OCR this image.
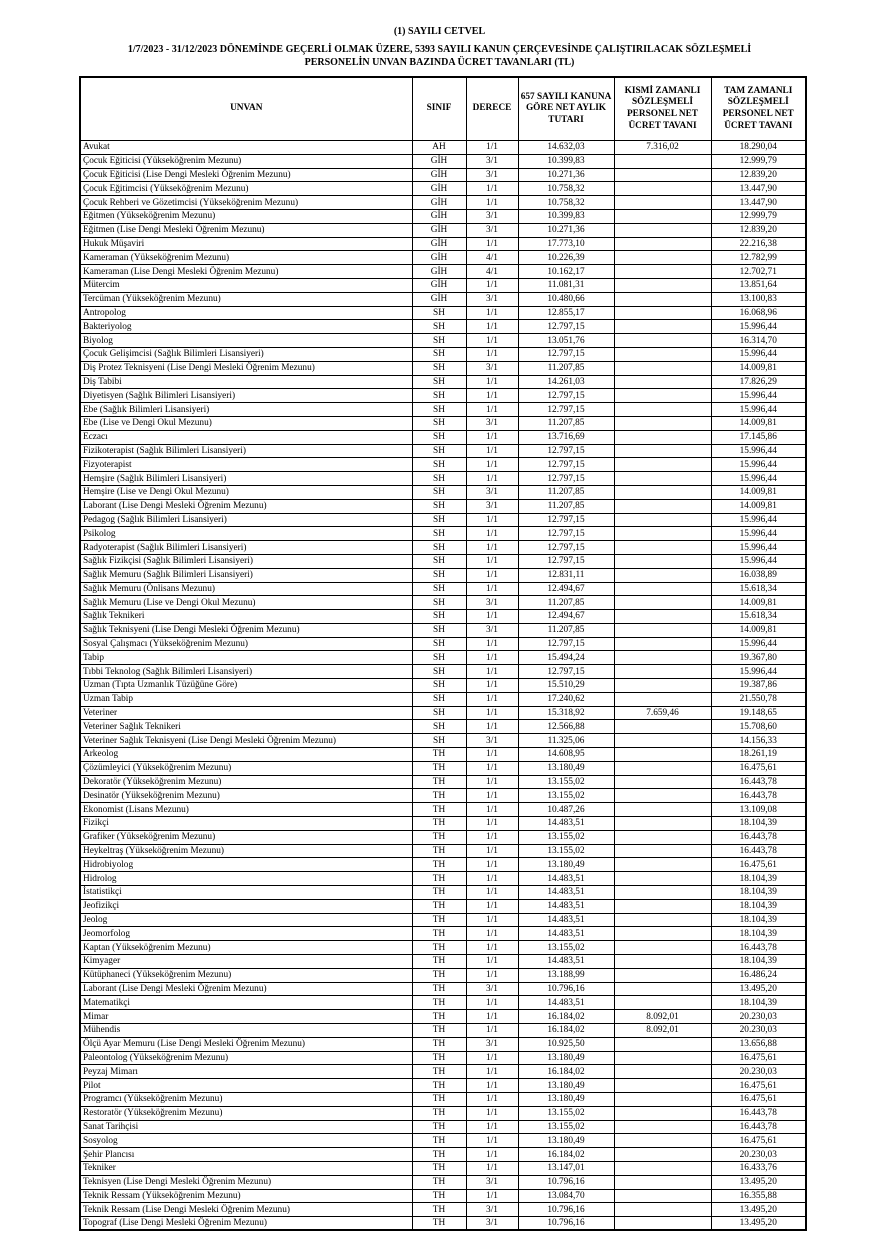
(1) SAYILI CETVEL
1/7/2023 - 31/12/2023 DÖNEMİNDE GEÇERLİ OLMAK ÜZERE, 5393 SAYILI KANUN ÇERÇEVESİNDE ÇALIŞTIRILACAK SÖZLEŞMELİ
PERSONELİN UNVAN BAZINDA ÜCRET TAVANLARI (TL)
UNVAN	SINIF	DERECE	657 SAYILI KANUNA GÖRE NET AYLIK TUTARI	KISMİ ZAMANLI SÖZLEŞMELİ PERSONEL NET ÜCRET TAVANI	TAM ZAMANLI SÖZLEŞMELİ PERSONEL NET ÜCRET TAVANI
Avukat	AH	1/1	14.632,03	7.316,02	18.290,04
Çocuk Eğiticisi (Yükseköğrenim Mezunu)	GİH	3/1	10.399,83		12.999,79
Çocuk Eğiticisi (Lise Dengi Mesleki Öğrenim Mezunu)	GİH	3/1	10.271,36		12.839,20
Çocuk Eğitimcisi (Yükseköğrenim Mezunu)	GİH	1/1	10.758,32		13.447,90
Çocuk Rehberi ve Gözetimcisi (Yükseköğrenim Mezunu)	GİH	1/1	10.758,32		13.447,90
Eğitmen (Yükseköğrenim Mezunu)	GİH	3/1	10.399,83		12.999,79
Eğitmen (Lise Dengi Mesleki Öğrenim Mezunu)	GİH	3/1	10.271,36		12.839,20
Hukuk Müşaviri	GİH	1/1	17.773,10		22.216,38
Kameraman (Yükseköğrenim Mezunu)	GİH	4/1	10.226,39		12.782,99
Kameraman (Lise Dengi Mesleki Öğrenim Mezunu)	GİH	4/1	10.162,17		12.702,71
Mütercim	GİH	1/1	11.081,31		13.851,64
Tercüman (Yükseköğrenim Mezunu)	GİH	3/1	10.480,66		13.100,83
Antropolog	SH	1/1	12.855,17		16.068,96
Bakteriyolog	SH	1/1	12.797,15		15.996,44
Biyolog	SH	1/1	13.051,76		16.314,70
Çocuk Gelişimcisi (Sağlık Bilimleri Lisansiyeri)	SH	1/1	12.797,15		15.996,44
Diş Protez Teknisyeni (Lise Dengi Mesleki Öğrenim Mezunu)	SH	3/1	11.207,85		14.009,81
Diş Tabibi	SH	1/1	14.261,03		17.826,29
Diyetisyen (Sağlık Bilimleri Lisansiyeri)	SH	1/1	12.797,15		15.996,44
Ebe (Sağlık Bilimleri Lisansiyeri)	SH	1/1	12.797,15		15.996,44
Ebe (Lise ve Dengi Okul Mezunu)	SH	3/1	11.207,85		14.009,81
Eczacı	SH	1/1	13.716,69		17.145,86
Fizikoterapist (Sağlık Bilimleri Lisansiyeri)	SH	1/1	12.797,15		15.996,44
Fizyoterapist	SH	1/1	12.797,15		15.996,44
Hemşire (Sağlık Bilimleri Lisansiyeri)	SH	1/1	12.797,15		15.996,44
Hemşire (Lise ve Dengi Okul Mezunu)	SH	3/1	11.207,85		14.009,81
Laborant (Lise Dengi Mesleki Öğrenim Mezunu)	SH	3/1	11.207,85		14.009,81
Pedagog (Sağlık Bilimleri Lisansiyeri)	SH	1/1	12.797,15		15.996,44
Psikolog	SH	1/1	12.797,15		15.996,44
Radyoterapist (Sağlık Bilimleri Lisansiyeri)	SH	1/1	12.797,15		15.996,44
Sağlık Fizikçisi (Sağlık Bilimleri Lisansiyeri)	SH	1/1	12.797,15		15.996,44
Sağlık Memuru (Sağlık Bilimleri Lisansiyeri)	SH	1/1	12.831,11		16.038,89
Sağlık Memuru (Önlisans Mezunu)	SH	1/1	12.494,67		15.618,34
Sağlık Memuru (Lise ve Dengi Okul Mezunu)	SH	3/1	11.207,85		14.009,81
Sağlık Teknikeri	SH	1/1	12.494,67		15.618,34
Sağlık Teknisyeni (Lise Dengi Mesleki Öğrenim Mezunu)	SH	3/1	11.207,85		14.009,81
Sosyal Çalışmacı (Yükseköğrenim Mezunu)	SH	1/1	12.797,15		15.996,44
Tabip	SH	1/1	15.494,24		19.367,80
Tıbbi Teknolog (Sağlık Bilimleri Lisansiyeri)	SH	1/1	12.797,15		15.996,44
Uzman (Tıpta Uzmanlık Tüzüğüne Göre)	SH	1/1	15.510,29		19.387,86
Uzman Tabip	SH	1/1	17.240,62		21.550,78
Veteriner	SH	1/1	15.318,92	7.659,46	19.148,65
Veteriner Sağlık Teknikeri	SH	1/1	12.566,88		15.708,60
Veteriner Sağlık Teknisyeni (Lise Dengi Mesleki Öğrenim Mezunu)	SH	3/1	11.325,06		14.156,33
Arkeolog	TH	1/1	14.608,95		18.261,19
Çözümleyici (Yükseköğrenim Mezunu)	TH	1/1	13.180,49		16.475,61
Dekoratör (Yükseköğrenim Mezunu)	TH	1/1	13.155,02		16.443,78
Desinatör (Yükseköğrenim Mezunu)	TH	1/1	13.155,02		16.443,78
Ekonomist (Lisans Mezunu)	TH	1/1	10.487,26		13.109,08
Fizikçi	TH	1/1	14.483,51		18.104,39
Grafiker (Yükseköğrenim Mezunu)	TH	1/1	13.155,02		16.443,78
Heykeltraş (Yükseköğrenim Mezunu)	TH	1/1	13.155,02		16.443,78
Hidrobiyolog	TH	1/1	13.180,49		16.475,61
Hidrolog	TH	1/1	14.483,51		18.104,39
İstatistikçi	TH	1/1	14.483,51		18.104,39
Jeofizikçi	TH	1/1	14.483,51		18.104,39
Jeolog	TH	1/1	14.483,51		18.104,39
Jeomorfolog	TH	1/1	14.483,51		18.104,39
Kaptan (Yükseköğrenim Mezunu)	TH	1/1	13.155,02		16.443,78
Kimyager	TH	1/1	14.483,51		18.104,39
Kütüphaneci (Yükseköğrenim Mezunu)	TH	1/1	13.188,99		16.486,24
Laborant (Lise Dengi Mesleki Öğrenim Mezunu)	TH	3/1	10.796,16		13.495,20
Matematikçi	TH	1/1	14.483,51		18.104,39
Mimar	TH	1/1	16.184,02	8.092,01	20.230,03
Mühendis	TH	1/1	16.184,02	8.092,01	20.230,03
Ölçü Ayar Memuru (Lise Dengi Mesleki Öğrenim Mezunu)	TH	3/1	10.925,50		13.656,88
Paleontolog (Yükseköğrenim Mezunu)	TH	1/1	13.180,49		16.475,61
Peyzaj Mimarı	TH	1/1	16.184,02		20.230,03
Pilot	TH	1/1	13.180,49		16.475,61
Programcı (Yükseköğrenim Mezunu)	TH	1/1	13.180,49		16.475,61
Restoratör (Yükseköğrenim Mezunu)	TH	1/1	13.155,02		16.443,78
Sanat Tarihçisi	TH	1/1	13.155,02		16.443,78
Sosyolog	TH	1/1	13.180,49		16.475,61
Şehir Plancısı	TH	1/1	16.184,02		20.230,03
Tekniker	TH	1/1	13.147,01		16.433,76
Teknisyen (Lise Dengi Mesleki Öğrenim Mezunu)	TH	3/1	10.796,16		13.495,20
Teknik Ressam (Yükseköğrenim Mezunu)	TH	1/1	13.084,70		16.355,88
Teknik Ressam (Lise Dengi Mesleki Öğrenim Mezunu)	TH	3/1	10.796,16		13.495,20
Topograf (Lise Dengi Mesleki Öğrenim Mezunu)	TH	3/1	10.796,16		13.495,20
